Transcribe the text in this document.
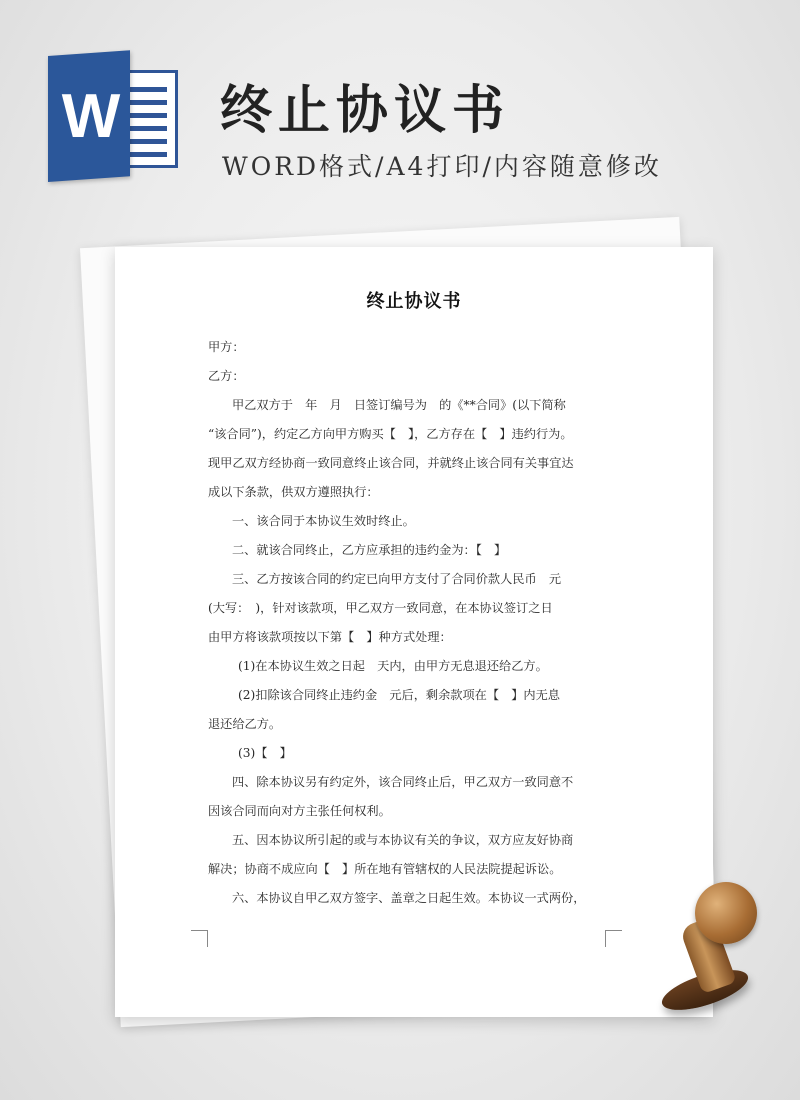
W 终止协议书
WORD格式/A4打印/内容随意修改
终止协议书

甲方：

乙方：

甲乙双方于　年　月　日签订编号为　的《**合同》(以下简称

“该合同”)，约定乙方向甲方购买【　】，乙方存在【　】违约行为。

现甲乙双方经协商一致同意终止该合同，并就终止该合同有关事宜达

成以下条款，供双方遵照执行：

一、该合同于本协议生效时终止。

二、就该合同终止，乙方应承担的违约金为：【　】

三、乙方按该合同的约定已向甲方支付了合同价款人民币　元

(大写：　)，针对该款项，甲乙双方一致同意，在本协议签订之日

由甲方将该款项按以下第【　】种方式处理：

(1)在本协议生效之日起　天内，由甲方无息退还给乙方。

(2)扣除该合同终止违约金　元后，剩余款项在【　】内无息

退还给乙方。

(3)【　】

四、除本协议另有约定外，该合同终止后，甲乙双方一致同意不

因该合同而向对方主张任何权利。

五、因本协议所引起的或与本协议有关的争议，双方应友好协商

解决；协商不成应向【　】所在地有管辖权的人民法院提起诉讼。

六、本协议自甲乙双方签字、盖章之日起生效。本协议一式两份，
